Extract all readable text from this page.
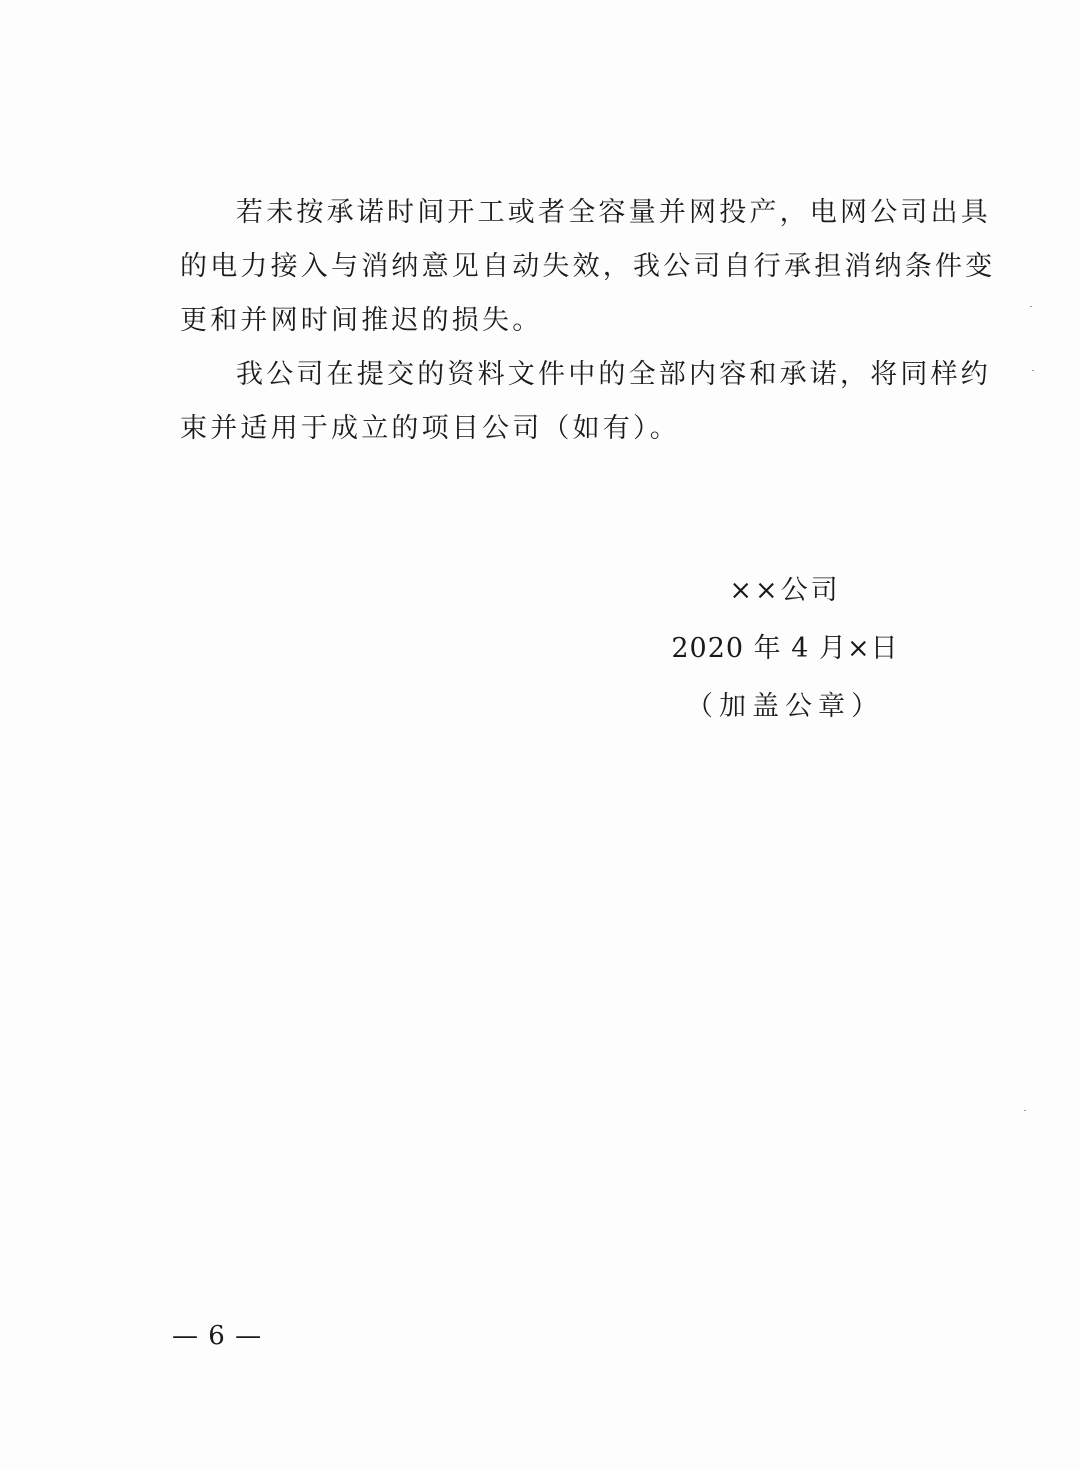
若未按承诺时间开工或者全容量并网投产，电网公司出具
的电力接入与消纳意见自动失效，我公司自行承担消纳条件变
更和并网时间推迟的损失。
我公司在提交的资料文件中的全部内容和承诺，将同样约
束并适用于成立的项目公司（如有）。
××公司
2020 年 4 月×日
（加盖公章）
— 6 —
